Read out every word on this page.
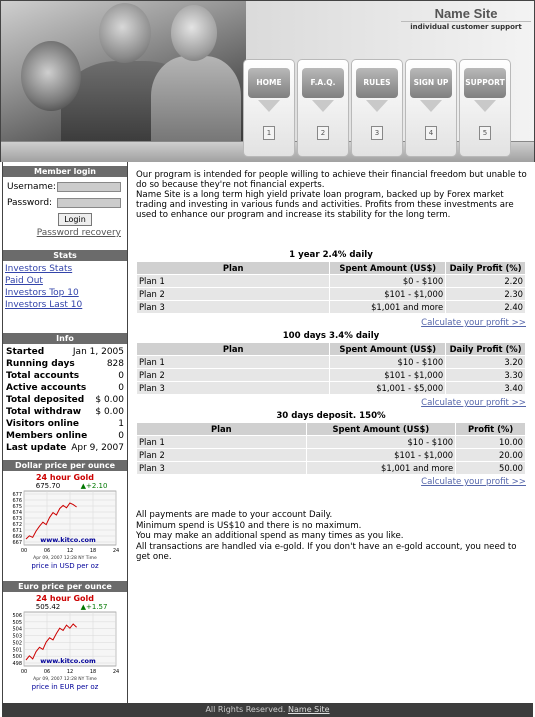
Name Site
individual customer support
HOME
1
F.A.Q.
2
RULES
3
SIGN UP
4
SUPPORT
5
Member login
Username:
Password:
Login
Password recovery
Stats
Investors Stats
Paid Out
Investors Top 10
Investors Last 10
Info
Started	Jan 1, 2005
Running days	828
Total accounts	0
Active accounts	0
Total deposited $ 0.00
Total withdraw $ 0.00
Visitors online	1
Members online	0
Last update Apr 9, 2007
Dollar price per ounce
24 hour Gold
675.70	▲+2.10
677
676
675
674
673
672
671
669
667
00	06	12	18	24
www.kitco.com
Apr 09, 2007 12:28 NY Time
price in USD per oz
Euro price per ounce
24 hour Gold
505.42	▲+1.57
506
505
504
503
502
501
500
498
00	06	12	18	24
www.kitco.com
Apr 09, 2007 12:28 NY Time
price in EUR per oz

Our program is intended for people willing to achieve their financial freedom but unable to do so because they're not financial experts.

Name Site is a long term high yield private loan program, backed up by Forex market trading and investing in various funds and activities. Profits from these investments are used to enhance our program and increase its stability for the long term.

1 year 2.4% daily
Plan	Spent Amount (US$)	Daily Profit (%)
Plan 1	$0 - $100	2.20
Plan 2	$101 - $1,000	2.30
Plan 3	$1,001 and more	2.40
Calculate your profit >>
100 days 3.4% daily
Plan	Spent Amount (US$)	Daily Profit (%)
Plan 1	$10 - $100	3.20
Plan 2	$101 - $1,000	3.30
Plan 3	$1,001 - $5,000	3.40
Calculate your profit >>
30 days deposit. 150%
Plan	Spent Amount (US$)	Profit (%)
Plan 1	$10 - $100	10.00
Plan 2	$101 - $1,000	20.00
Plan 3	$1,001 and more	50.00
Calculate your profit >>

All payments are made to your account Daily.

Minimum spend is US$10 and there is no maximum.

You may make an additional spend as many times as you like.

All transactions are handled via e-gold. If you don't have an e-gold account, you need to get one.

All Rights Reserved. Name Site
